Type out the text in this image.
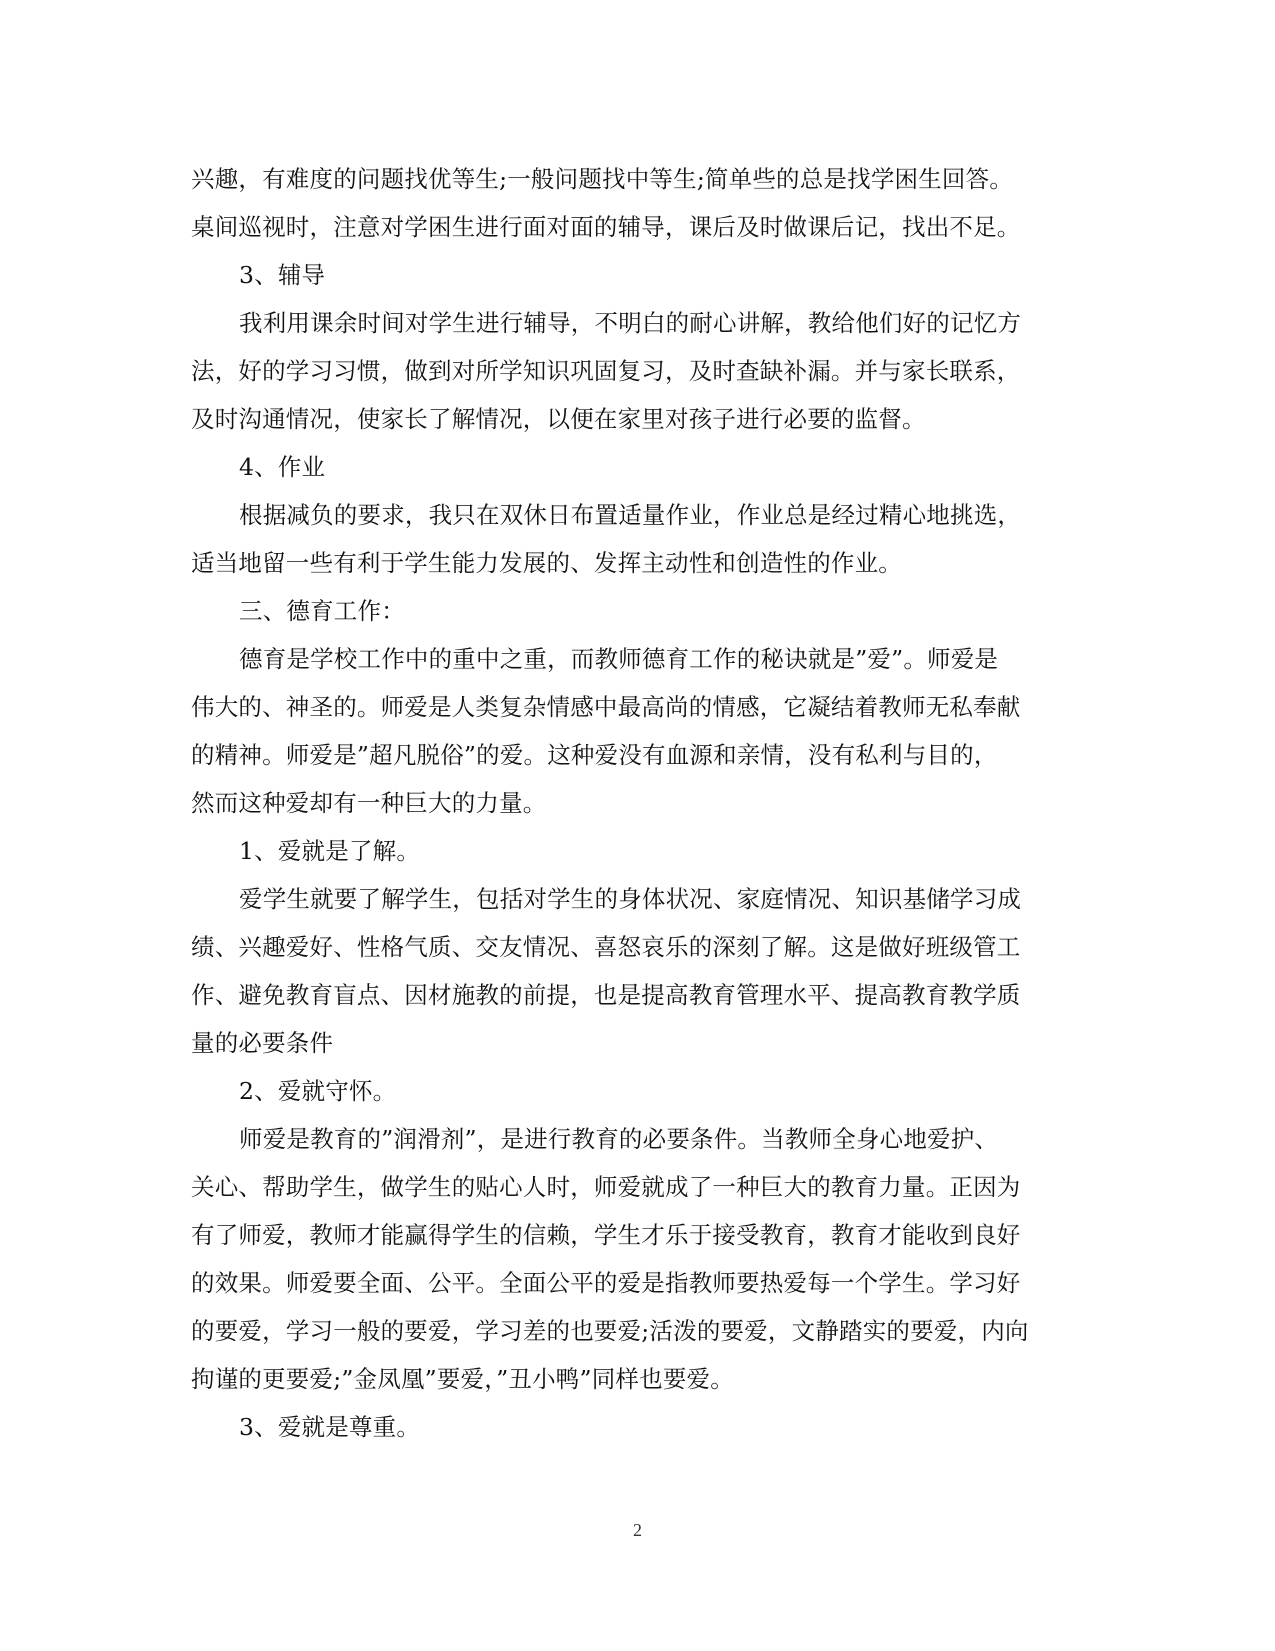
兴趣，有难度的问题找优等生;一般问题找中等生;简单些的总是找学困生回答。
桌间巡视时，注意对学困生进行面对面的辅导，课后及时做课后记，找出不足。
3、辅导
我利用课余时间对学生进行辅导，不明白的耐心讲解，教给他们好的记忆方
法，好的学习习惯，做到对所学知识巩固复习，及时查缺补漏。并与家长联系，
及时沟通情况，使家长了解情况，以便在家里对孩子进行必要的监督。
4、作业
根据减负的要求，我只在双休日布置适量作业，作业总是经过精心地挑选，
适当地留一些有利于学生能力发展的、发挥主动性和创造性的作业。
三、德育工作：
德育是学校工作中的重中之重，而教师德育工作的秘诀就是”爱”。师爱是
伟大的、神圣的。师爱是人类复杂情感中最高尚的情感，它凝结着教师无私奉献
的精神。师爱是”超凡脱俗”的爱。这种爱没有血源和亲情，没有私利与目的，
然而这种爱却有一种巨大的力量。
1、爱就是了解。
爱学生就要了解学生，包括对学生的身体状况、家庭情况、知识基储学习成
绩、兴趣爱好、性格气质、交友情况、喜怒哀乐的深刻了解。这是做好班级管工
作、避免教育盲点、因材施教的前提，也是提高教育管理水平、提高教育教学质
量的必要条件
2、爱就守怀。
师爱是教育的”润滑剂”，是进行教育的必要条件。当教师全身心地爱护、
关心、帮助学生，做学生的贴心人时，师爱就成了一种巨大的教育力量。正因为
有了师爱，教师才能赢得学生的信赖，学生才乐于接受教育，教育才能收到良好
的效果。师爱要全面、公平。全面公平的爱是指教师要热爱每一个学生。学习好
的要爱，学习一般的要爱，学习差的也要爱;活泼的要爱，文静踏实的要爱，内向
拘谨的更要爱;”金凤凰”要爱，”丑小鸭”同样也要爱。
3、爱就是尊重。
2
